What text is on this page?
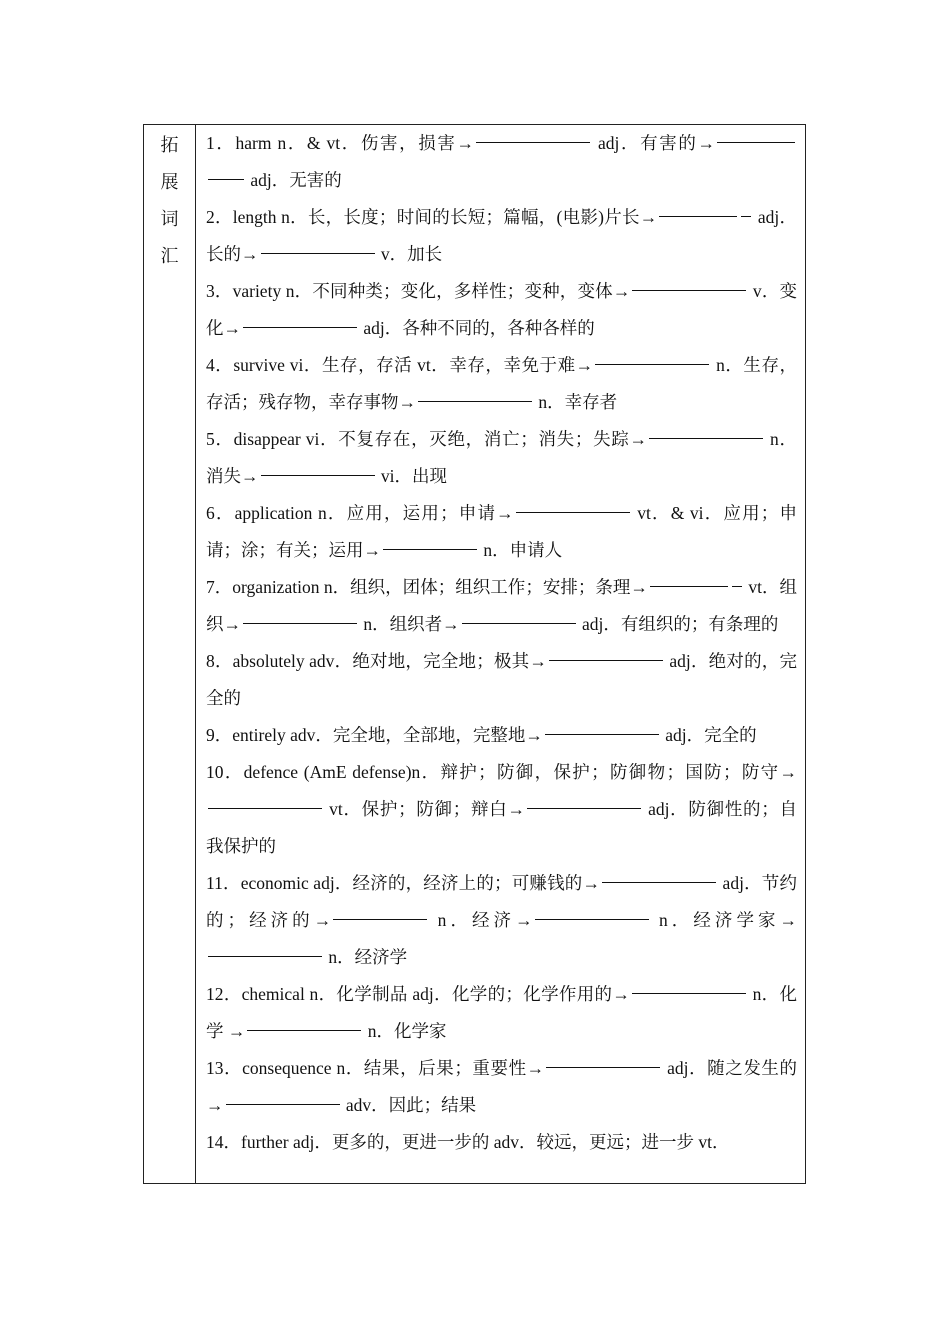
拓
展
词
汇

1．harm n．& vt．伤害，损害→	adj．有害的→ adj．无害的

2．length n．长，长度；时间的长短；篇幅，(电影)片长→	adj．长的→	v．加长

3．variety n．不同种类；变化，多样性；变种，变体→	v．变化→	adj．各种不同的，各种各样的

4．survive vi．生存，存活 vt．幸存，幸免于难→	n．生存，存活；残存物，幸存事物→	n．幸存者

5．disappear vi．不复存在，灭绝，消亡；消失；失踪→	n．消失→	vi．出现

6．application n．应用，运用；申请→	vt．& vi．应用；申请；涂；有关；运用→	n．申请人

7．organization n．组织，团体；组织工作；安排；条理→	vt．组织→	n．组织者→	adj．有组织的；有条理的

8．absolutely adv．绝对地，完全地；极其→	adj．绝对的，完全的

9．entirely adv．完全地，全部地，完整地→	adj．完全的

10．defence (AmE defense)n．辩护；防御，保护；防御物；国防；防守→ vt．保护；防御；辩白→	adj．防御性的；自我保护的

11．economic adj．经济的，经济上的；可赚钱的→	adj．节约的；经济的→	n．经济→	n．经济学家→ n．经济学

12．chemical n．化学制品 adj．化学的；化学作用的→	n．化学 →	n．化学家

13．consequence n．结果，后果；重要性→	adj．随之发生的→	adv．因此；结果

14．further adj．更多的，更进一步的 adv．较远，更远；进一步 vt．
